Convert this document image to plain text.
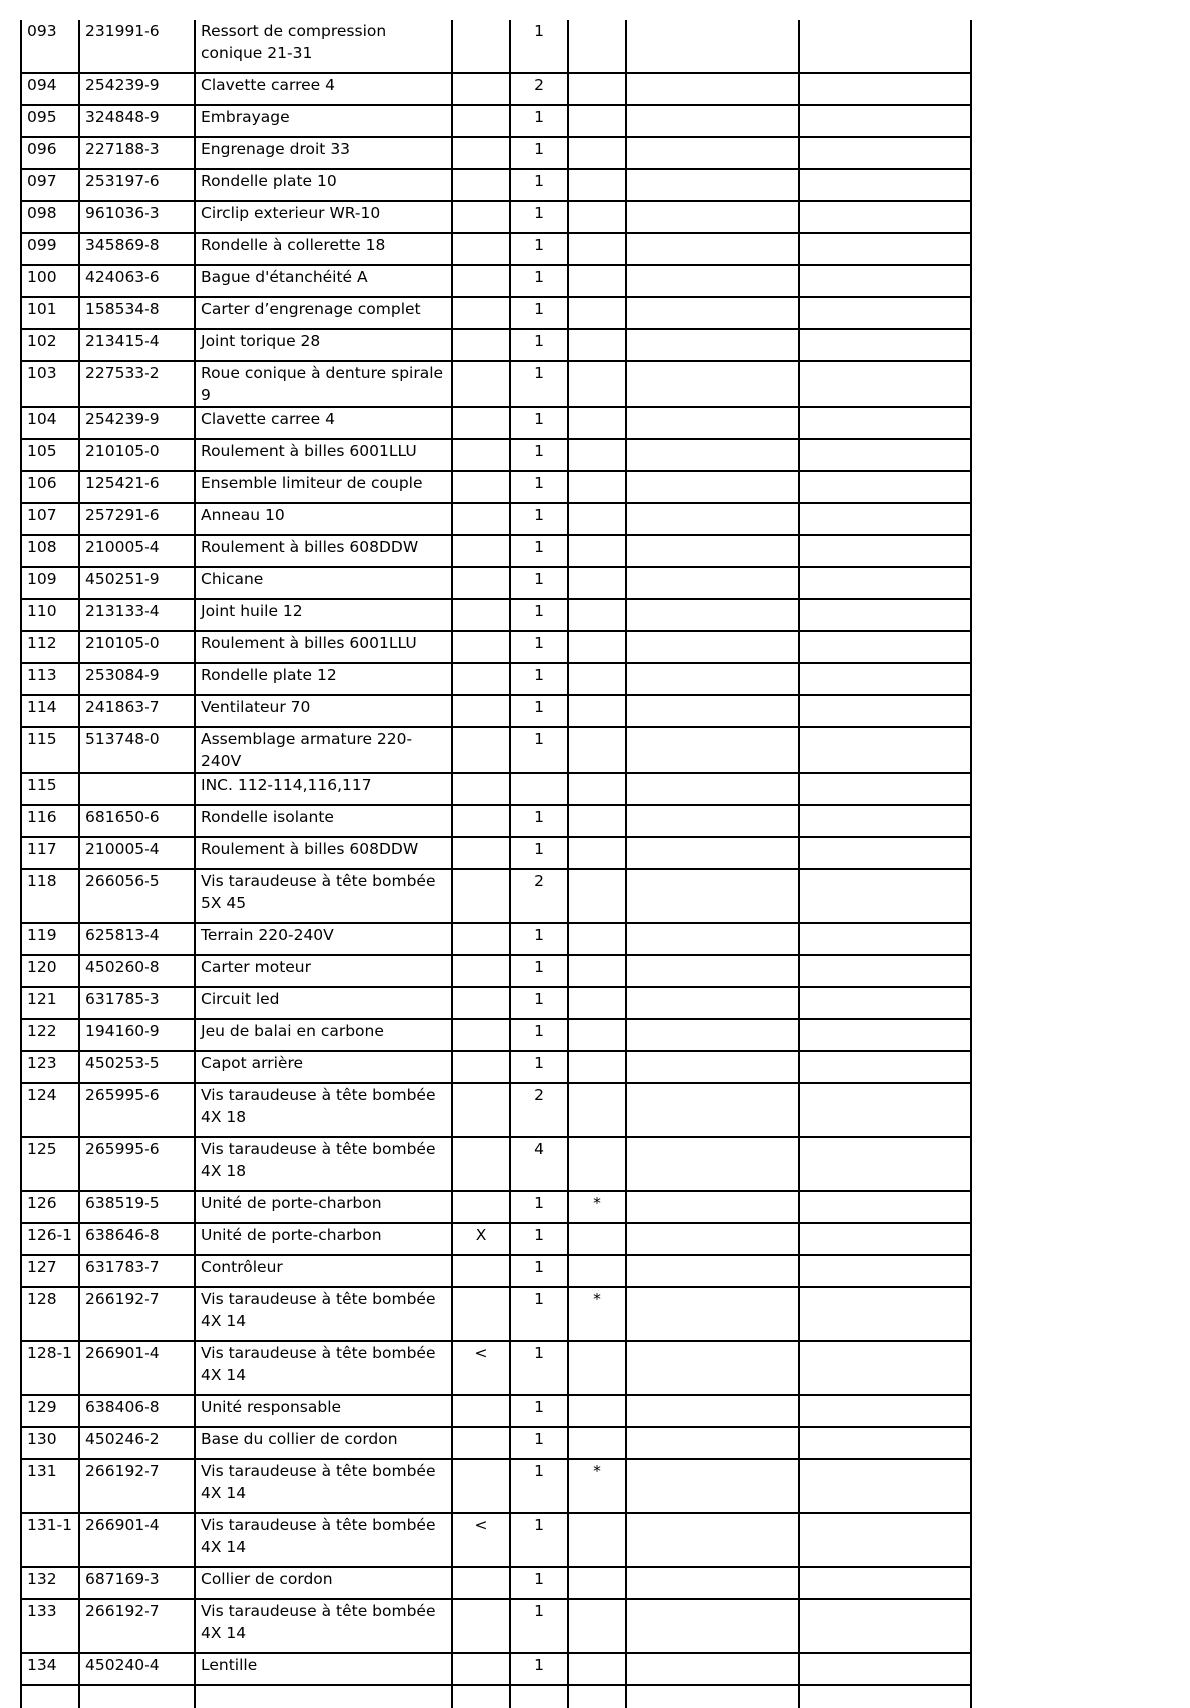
093	231991-6	Ressort de compression conique 21-31		1			

094	254239-9	Clavette carree 4		2			

095	324848-9	Embrayage		1			

096	227188-3	Engrenage droit 33		1			

097	253197-6	Rondelle plate 10		1			

098	961036-3	Circlip exterieur WR-10		1			

099	345869-8	Rondelle à collerette 18		1			

100	424063-6	Bague d'étanchéité A		1			

101	158534-8	Carter d’engrenage complet		1			

102	213415-4	Joint torique 28		1			

103	227533-2	Roue conique à denture spirale 9		1			

104	254239-9	Clavette carree 4		1			

105	210105-0	Roulement à billes 6001LLU		1			

106	125421-6	Ensemble limiteur de couple		1			

107	257291-6	Anneau 10		1			

108	210005-4	Roulement à billes 608DDW		1			

109	450251-9	Chicane		1			

110	213133-4	Joint huile 12		1			

112	210105-0	Roulement à billes 6001LLU		1			

113	253084-9	Rondelle plate 12		1			

114	241863-7	Ventilateur 70		1			

115	513748-0	Assemblage armature 220-240V		1			

115		INC. 112-114,116,117					

116	681650-6	Rondelle isolante		1			

117	210005-4	Roulement à billes 608DDW		1			

118	266056-5	Vis taraudeuse à tête bombée 5X 45		2			

119	625813-4	Terrain 220-240V		1			

120	450260-8	Carter moteur		1			

121	631785-3	Circuit led		1			

122	194160-9	Jeu de balai en carbone		1			

123	450253-5	Capot arrière		1			

124	265995-6	Vis taraudeuse à tête bombée 4X 18		2			

125	265995-6	Vis taraudeuse à tête bombée 4X 18		4			

126	638519-5	Unité de porte-charbon		1	*		

126-1	638646-8	Unité de porte-charbon	X	1			

127	631783-7	Contrôleur		1			

128	266192-7	Vis taraudeuse à tête bombée 4X 14		1	*		

128-1	266901-4	Vis taraudeuse à tête bombée 4X 14	<	1			

129	638406-8	Unité responsable		1			

130	450246-2	Base du collier de cordon		1			

131	266192-7	Vis taraudeuse à tête bombée 4X 14		1	*		

131-1	266901-4	Vis taraudeuse à tête bombée 4X 14	<	1			

132	687169-3	Collier de cordon		1			

133	266192-7	Vis taraudeuse à tête bombée 4X 14		1			

134	450240-4	Lentille		1			
